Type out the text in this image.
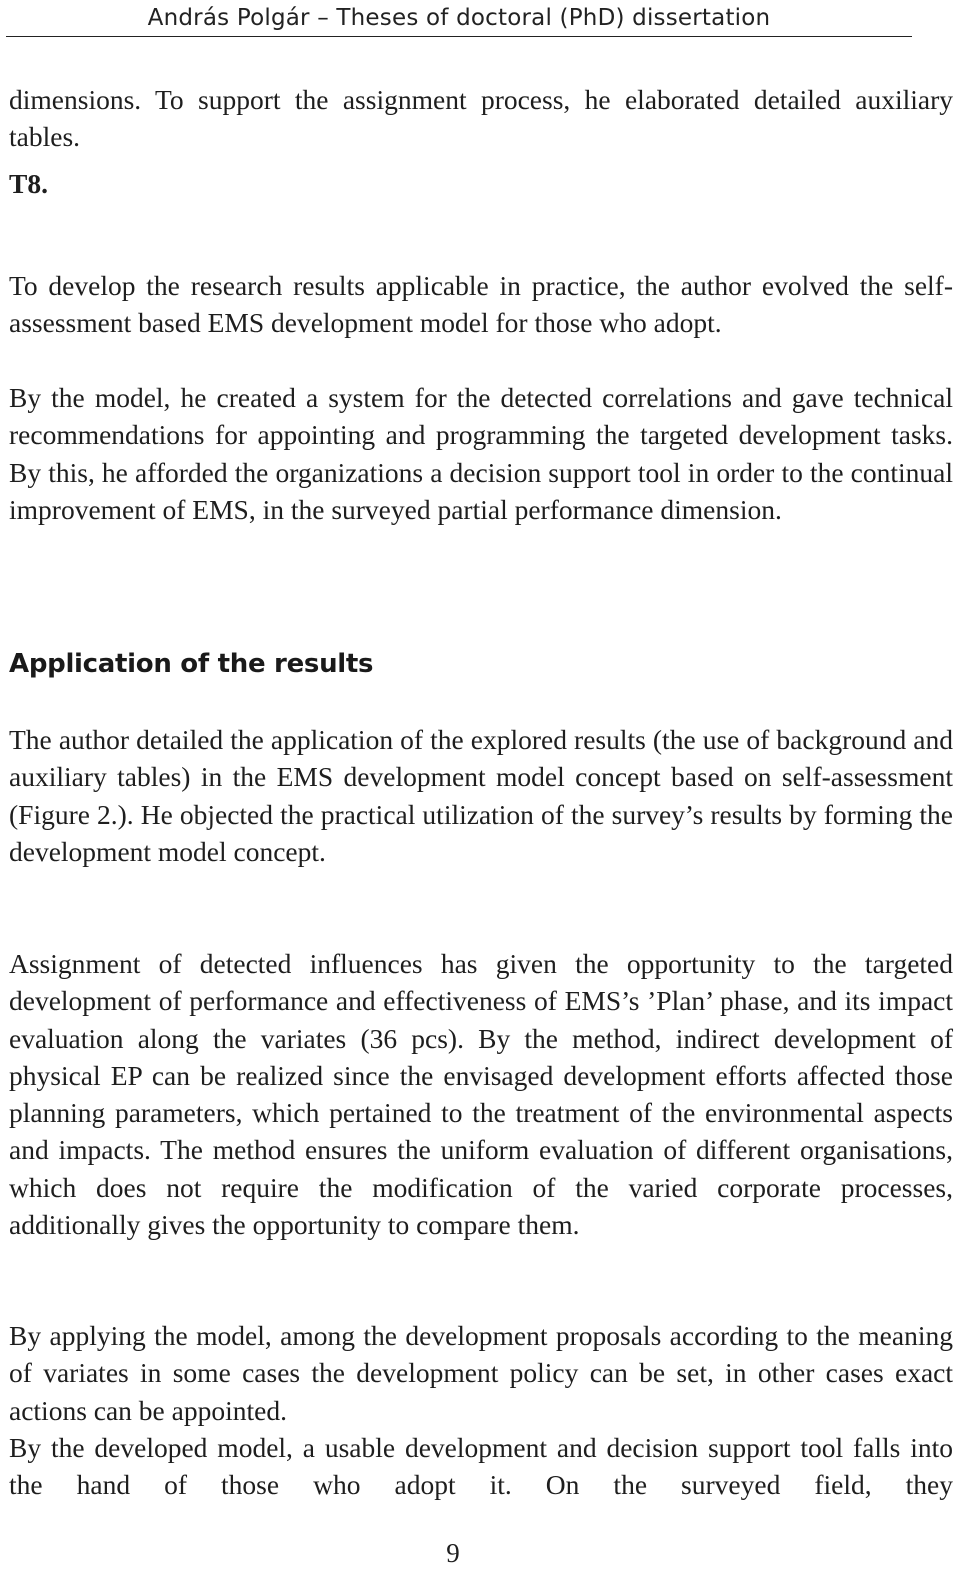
András Polgár – Theses of doctoral (PhD) dissertation
dimensions. To support the assignment process, he elaborated detailed auxiliary tables.
T8.
To develop the research results applicable in practice, the author evolved the self-assessment based EMS development model for those who adopt.
By the model, he created a system for the detected correlations and gave technical recommendations for appointing and programming the targeted development tasks. By this, he afforded the organizations a decision support tool in order to the continual improvement of EMS, in the surveyed partial performance dimension.
Application of the results
The author detailed the application of the explored results (the use of background and auxiliary tables) in the EMS development model concept based on self-assessment (Figure 2.). He objected the practical utilization of the survey’s results by forming the development model concept.
Assignment of detected influences has given the opportunity to the targeted development of performance and effectiveness of EMS’s ’Plan’ phase, and its impact evaluation along the variates (36 pcs). By the method, indirect development of physical EP can be realized since the envisaged development efforts affected those planning parameters, which pertained to the treatment of the environmental aspects and impacts. The method ensures the uniform evaluation of different organisations, which does not require the modification of the varied corporate processes, additionally gives the opportunity to compare them.
By applying the model, among the development proposals according to the meaning of variates in some cases the development policy can be set, in other cases exact actions can be appointed.
By the developed model, a usable development and decision support tool falls into the hand of those who adopt it. On the surveyed field, they
9
